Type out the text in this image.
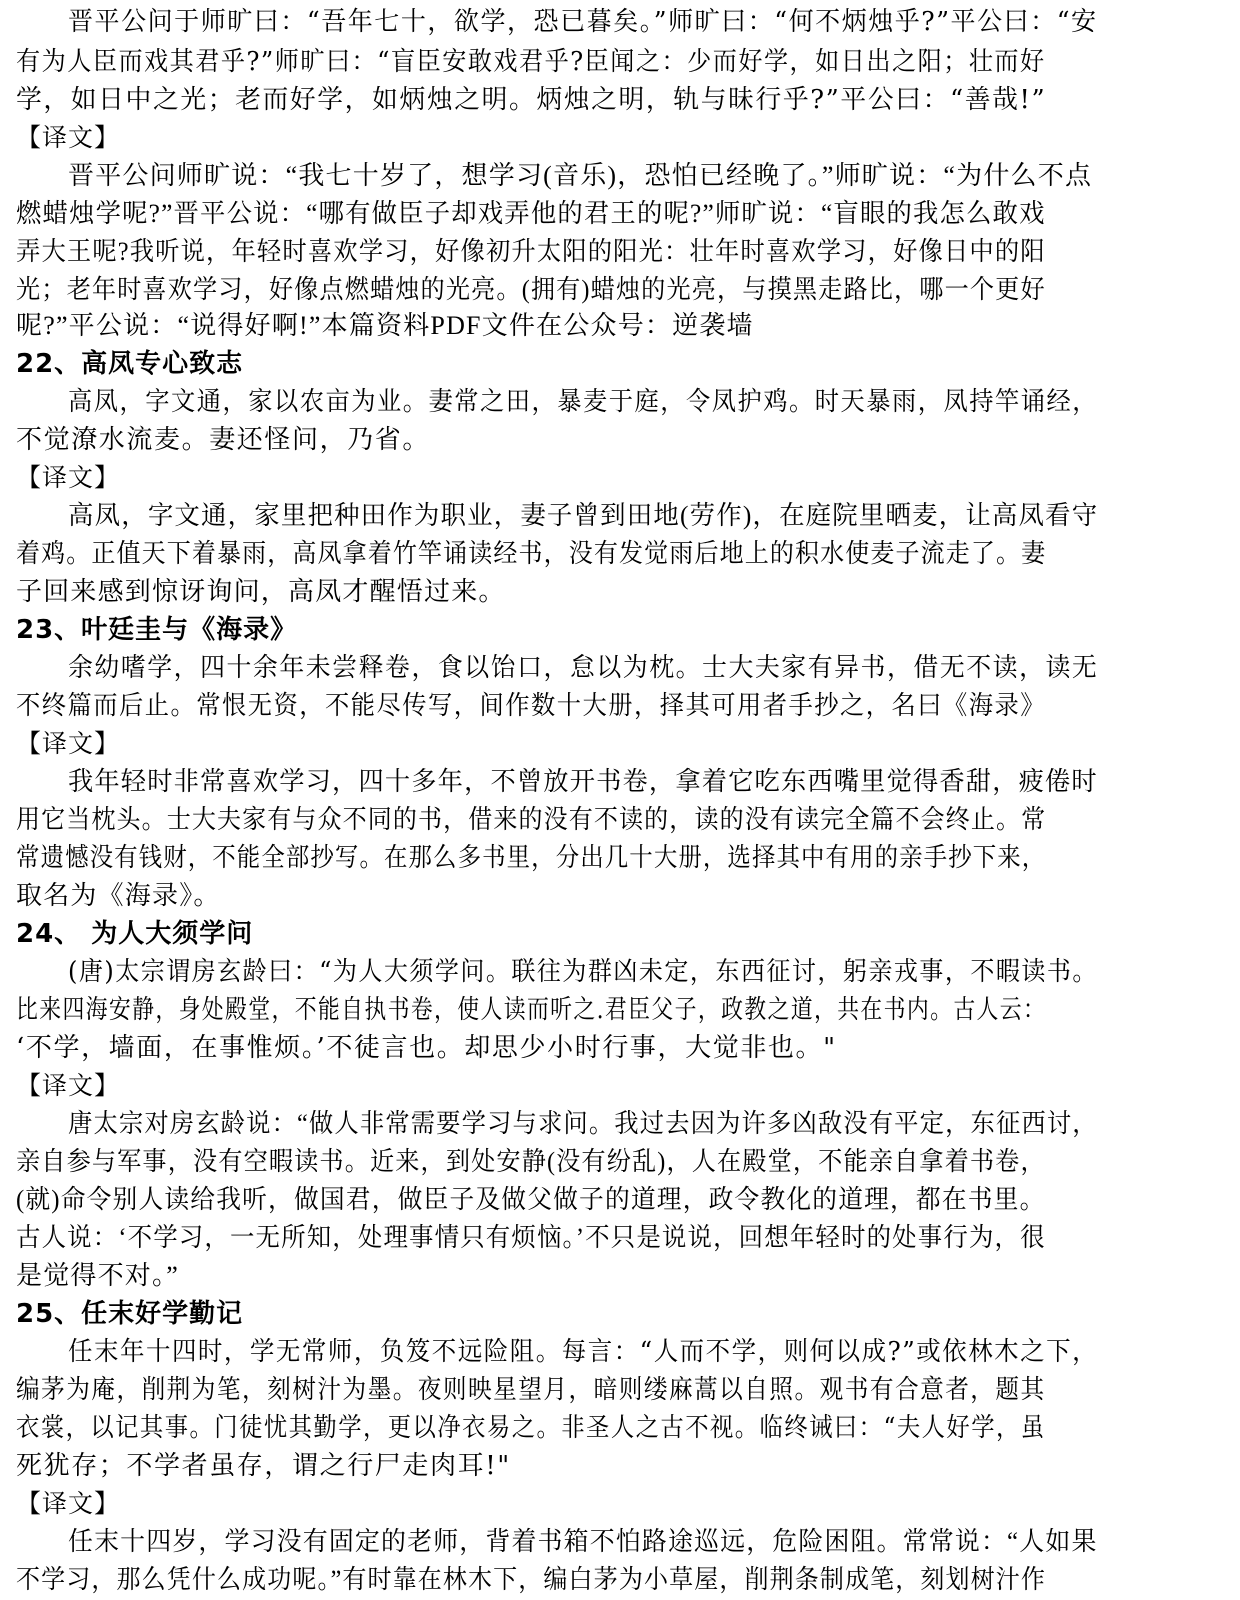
晋平公问于师旷曰：“吾年七十，欲学，恐已暮矣。”师旷曰：“何不炳烛乎?”平公曰：“安
有为人臣而戏其君乎?”师旷曰：“盲臣安敢戏君乎?臣闻之：少而好学，如日出之阳；壮而好
学，如日中之光；老而好学，如炳烛之明。炳烛之明，轨与昧行乎?”平公曰：“善哉!”
【译文】
晋平公问师旷说：“我七十岁了，想学习(音乐)，恐怕已经晚了。”师旷说：“为什么不点
燃蜡烛学呢?”晋平公说：“哪有做臣子却戏弄他的君王的呢?”师旷说：“盲眼的我怎么敢戏
弄大王呢?我听说，年轻时喜欢学习，好像初升太阳的阳光：壮年时喜欢学习，好像日中的阳
光；老年时喜欢学习，好像点燃蜡烛的光亮。(拥有)蜡烛的光亮，与摸黑走路比，哪一个更好
呢?”平公说：“说得好啊!”本篇资料PDF文件在公众号：逆袭墙
22、高凤专心致志
高凤，字文通，家以农亩为业。妻常之田，暴麦于庭，令凤护鸡。时天暴雨，凤持竿诵经，
不觉潦水流麦。妻还怪问，乃省。
【译文】
高凤，字文通，家里把种田作为职业，妻子曾到田地(劳作)，在庭院里晒麦，让高凤看守
着鸡。正值天下着暴雨，高凤拿着竹竿诵读经书，没有发觉雨后地上的积水使麦子流走了。妻
子回来感到惊讶询问，高凤才醒悟过来。
23、叶廷圭与《海录》
余幼嗜学，四十余年未尝释卷，食以饴口，怠以为枕。士大夫家有异书，借无不读，读无
不终篇而后止。常恨无资，不能尽传写，间作数十大册，择其可用者手抄之，名曰《海录》
【译文】
我年轻时非常喜欢学习，四十多年，不曾放开书卷，拿着它吃东西嘴里觉得香甜，疲倦时
用它当枕头。士大夫家有与众不同的书，借来的没有不读的，读的没有读完全篇不会终止。常
常遗憾没有钱财，不能全部抄写。在那么多书里，分出几十大册，选择其中有用的亲手抄下来，
取名为《海录》。
24、 为人大须学问
(唐)太宗谓房玄龄曰：“为人大须学问。联往为群凶未定，东西征讨，躬亲戎事，不暇读书。
比来四海安静，身处殿堂，不能自执书卷，使人读而听之.君臣父子，政教之道，共在书内。古人云：
‘不学，墙面，在事惟烦。’不徒言也。却思少小时行事，大觉非也。"
【译文】
唐太宗对房玄龄说：“做人非常需要学习与求问。我过去因为许多凶敌没有平定，东征西讨，
亲自参与军事，没有空暇读书。近来，到处安静(没有纷乱)，人在殿堂，不能亲自拿着书卷，
(就)命令别人读给我听，做国君，做臣子及做父做子的道理，政令教化的道理，都在书里。
古人说：‘不学习，一无所知，处理事情只有烦恼。’不只是说说，回想年轻时的处事行为，很
是觉得不对。”
25、任末好学勤记
任末年十四时，学无常师，负笈不远险阻。每言：“人而不学，则何以成?”或依林木之下，
编茅为庵，削荆为笔，刻树汁为墨。夜则映星望月，暗则缕麻蒿以自照。观书有合意者，题其
衣裳，以记其事。门徒忧其勤学，更以净衣易之。非圣人之古不视。临终诫曰：“夫人好学，虽
死犹存；不学者虽存，谓之行尸走肉耳!"
【译文】
任末十四岁，学习没有固定的老师，背着书箱不怕路途巡远，危险困阻。常常说：“人如果
不学习，那么凭什么成功呢。”有时靠在林木下，编白茅为小草屋，削荆条制成笔，刻划树汁作
